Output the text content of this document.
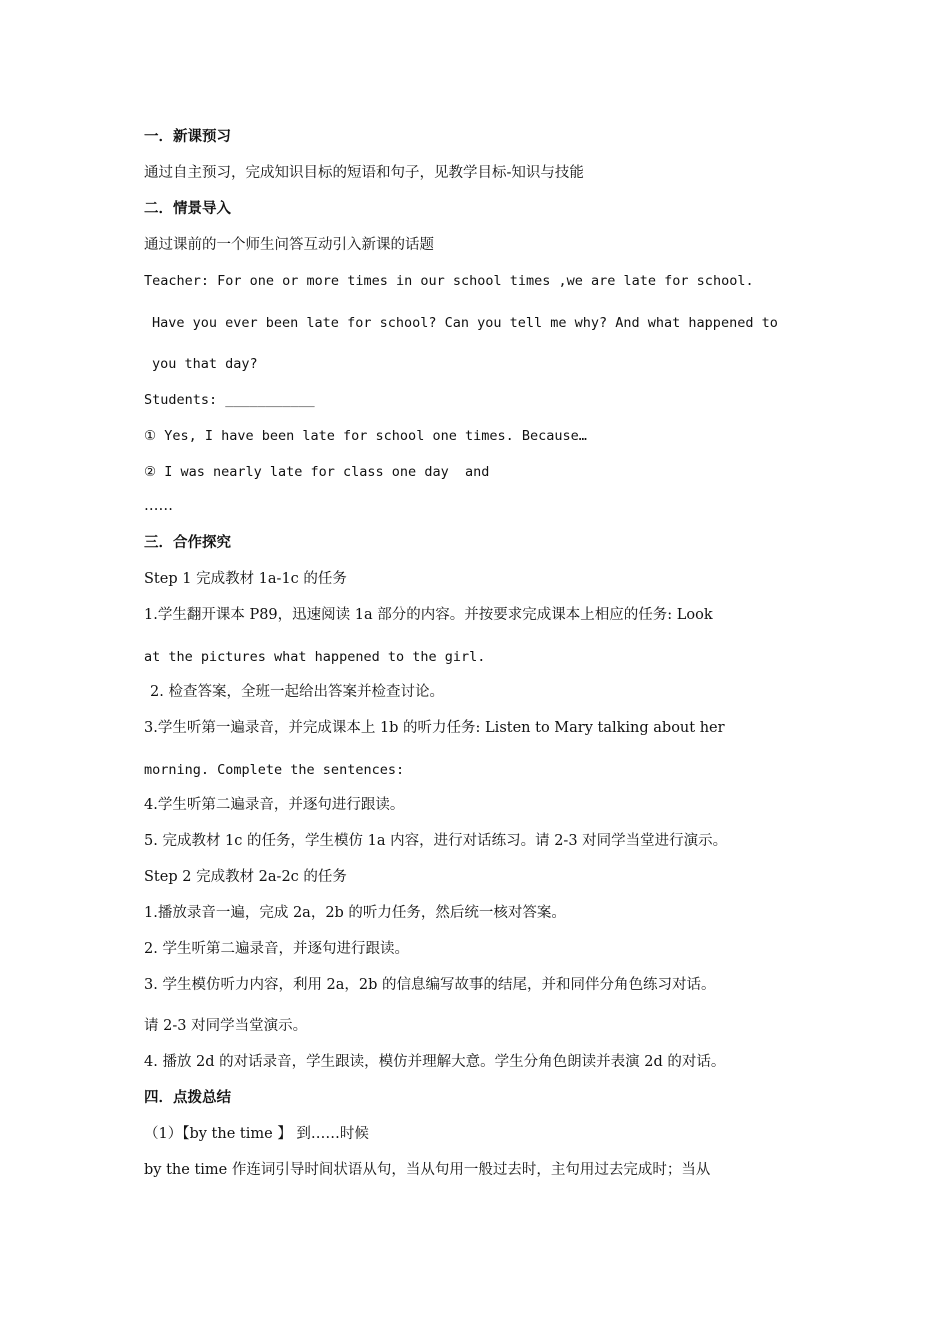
一．新课预习
通过自主预习，完成知识目标的短语和句子，见教学目标-知识与技能
二．情景导入
通过课前的一个师生问答互动引入新课的话题
Teacher: For one or more times in our school times ,we are late for school.
Have you ever been late for school? Can you tell me why? And what happened to
you that day?
Students: ___________
① Yes, I have been late for school one times. Because…
② I was nearly late for class one day  and
……
三．合作探究
Step 1 完成教材 1a-1c 的任务
1.学生翻开课本 P89，迅速阅读 1a 部分的内容。并按要求完成课本上相应的任务: Look
at the pictures what happened to the girl.
2. 检查答案，全班一起给出答案并检查讨论。
3.学生听第一遍录音，并完成课本上 1b 的听力任务: Listen to Mary talking about her
morning. Complete the sentences:
4.学生听第二遍录音，并逐句进行跟读。
5. 完成教材 1c 的任务，学生模仿 1a 内容，进行对话练习。请 2-3 对同学当堂进行演示。
Step 2 完成教材 2a-2c 的任务
1.播放录音一遍，完成 2a，2b 的听力任务，然后统一核对答案。
2. 学生听第二遍录音，并逐句进行跟读。
3. 学生模仿听力内容，利用 2a，2b 的信息编写故事的结尾，并和同伴分角色练习对话。
请 2-3 对同学当堂演示。
4. 播放 2d 的对话录音，学生跟读，模仿并理解大意。学生分角色朗读并表演 2d 的对话。
四．点拨总结
（1）【by the time 】 到……时候
by the time 作连词引导时间状语从句，当从句用一般过去时，主句用过去完成时；当从
